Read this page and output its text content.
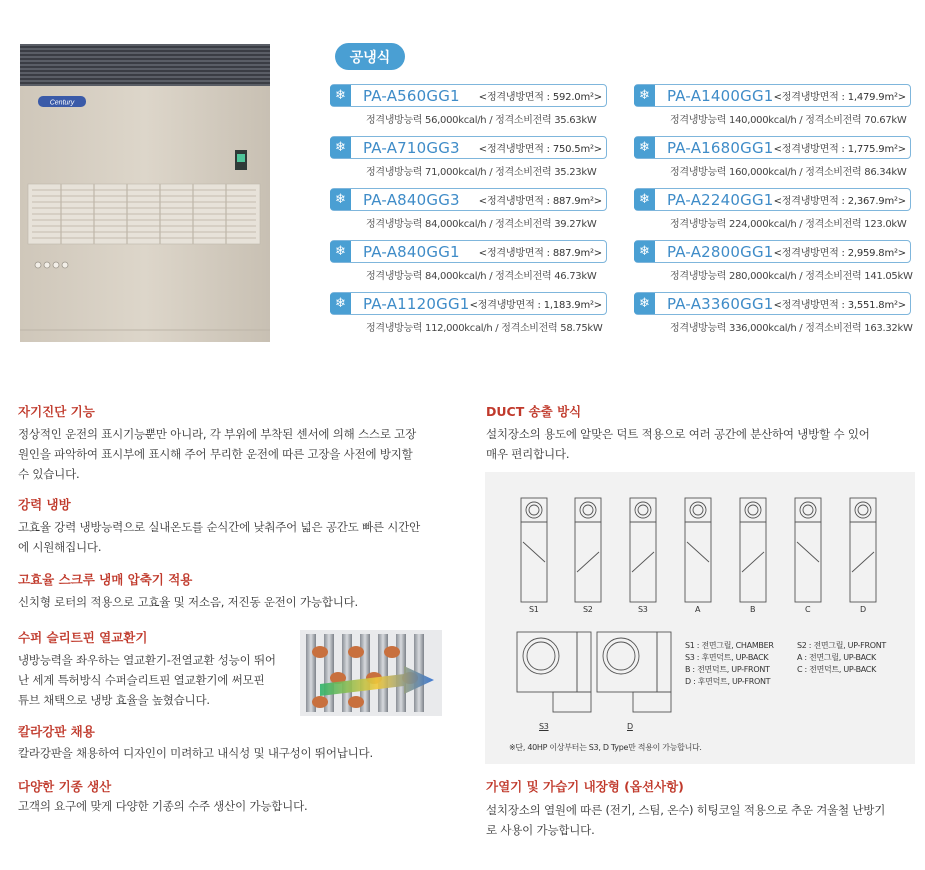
Century
공냉식
❄	PA-A560GG1 <정격냉방면적 : 592.0m²>
정격냉방능력 56,000kcal/h / 정격소비전력 35.63kW
❄	PA-A710GG3 <정격냉방면적 : 750.5m²>
정격냉방능력 71,000kcal/h / 정격소비전력 35.23kW
❄	PA-A840GG3 <정격냉방면적 : 887.9m²>
정격냉방능력 84,000kcal/h / 정격소비전력 39.27kW
❄	PA-A840GG1 <정격냉방면적 : 887.9m²>
정격냉방능력 84,000kcal/h / 정격소비전력 46.73kW
❄	PA-A1120GG1 <정격냉방면적 : 1,183.9m²>
정격냉방능력 112,000kcal/h / 정격소비전력 58.75kW
❄	PA-A1400GG1 <정격냉방면적 : 1,479.9m²>
정격냉방능력 140,000kcal/h / 정격소비전력 70.67kW
❄	PA-A1680GG1 <정격냉방면적 : 1,775.9m²>
정격냉방능력 160,000kcal/h / 정격소비전력 86.34kW
❄	PA-A2240GG1 <정격냉방면적 : 2,367.9m²>
정격냉방능력 224,000kcal/h / 정격소비전력 123.0kW
❄	PA-A2800GG1 <정격냉방면적 : 2,959.8m²>
정격냉방능력 280,000kcal/h / 정격소비전력 141.05kW
❄	PA-A3360GG1 <정격냉방면적 : 3,551.8m²>
정격냉방능력 336,000kcal/h / 정격소비전력 163.32kW
자기진단 기능
정상적인 운전의 표시기능뿐만 아니라, 각 부위에 부착된 센서에 의해 스스로 고장
원인을 파악하여 표시부에 표시해 주어 무리한 운전에 따른 고장을 사전에 방지할
수 있습니다.
강력 냉방
고효율 강력 냉방능력으로 실내온도를 순식간에 낮춰주어 넓은 공간도 빠른 시간안
에 시원해집니다.
고효율 스크루 냉매 압축기 적용
신치형 로터의 적용으로 고효율 및 저소음, 저진동 운전이 가능합니다.
수퍼 슬리트핀 열교환기
냉방능력을 좌우하는 열교환기-전열교환 성능이 뛰어
난 세계 특허방식 수퍼슬리트핀 열교환기에 써모핀
튜브 채택으로 냉방 효율을 높혔습니다.
칼라강판 채용
칼라강판을 채용하여 디자인이 미려하고 내식성 및 내구성이 뛰어납니다.
다양한 기종 생산
고객의 요구에 맞게 다양한 기종의 수주 생산이 가능합니다.
DUCT 송출 방식
설치장소의 용도에 알맞은 덕트 적용으로 여러 공간에 분산하여 냉방할 수 있어
매우 편리합니다.
S1	S2	S3	A	B	C	D
S3	D
S1 : 전면그릴, CHAMBER	S2 : 전면그릴, UP-FRONT
S3 : 후면덕트, UP-BACK	A : 전면그릴, UP-BACK
B : 전면덕트, UP-FRONT	C : 전면덕트, UP-BACK
D : 후면덕트, UP-FRONT
※단, 40HP 이상부터는 S3, D Type만 적용이 가능합니다.
가열기 및 가습기 내장형 (옵션사항)
설치장소의 열원에 따른 (전기, 스팀, 온수) 히팅코일 적용으로 추운 겨울철 난방기
로 사용이 가능합니다.
